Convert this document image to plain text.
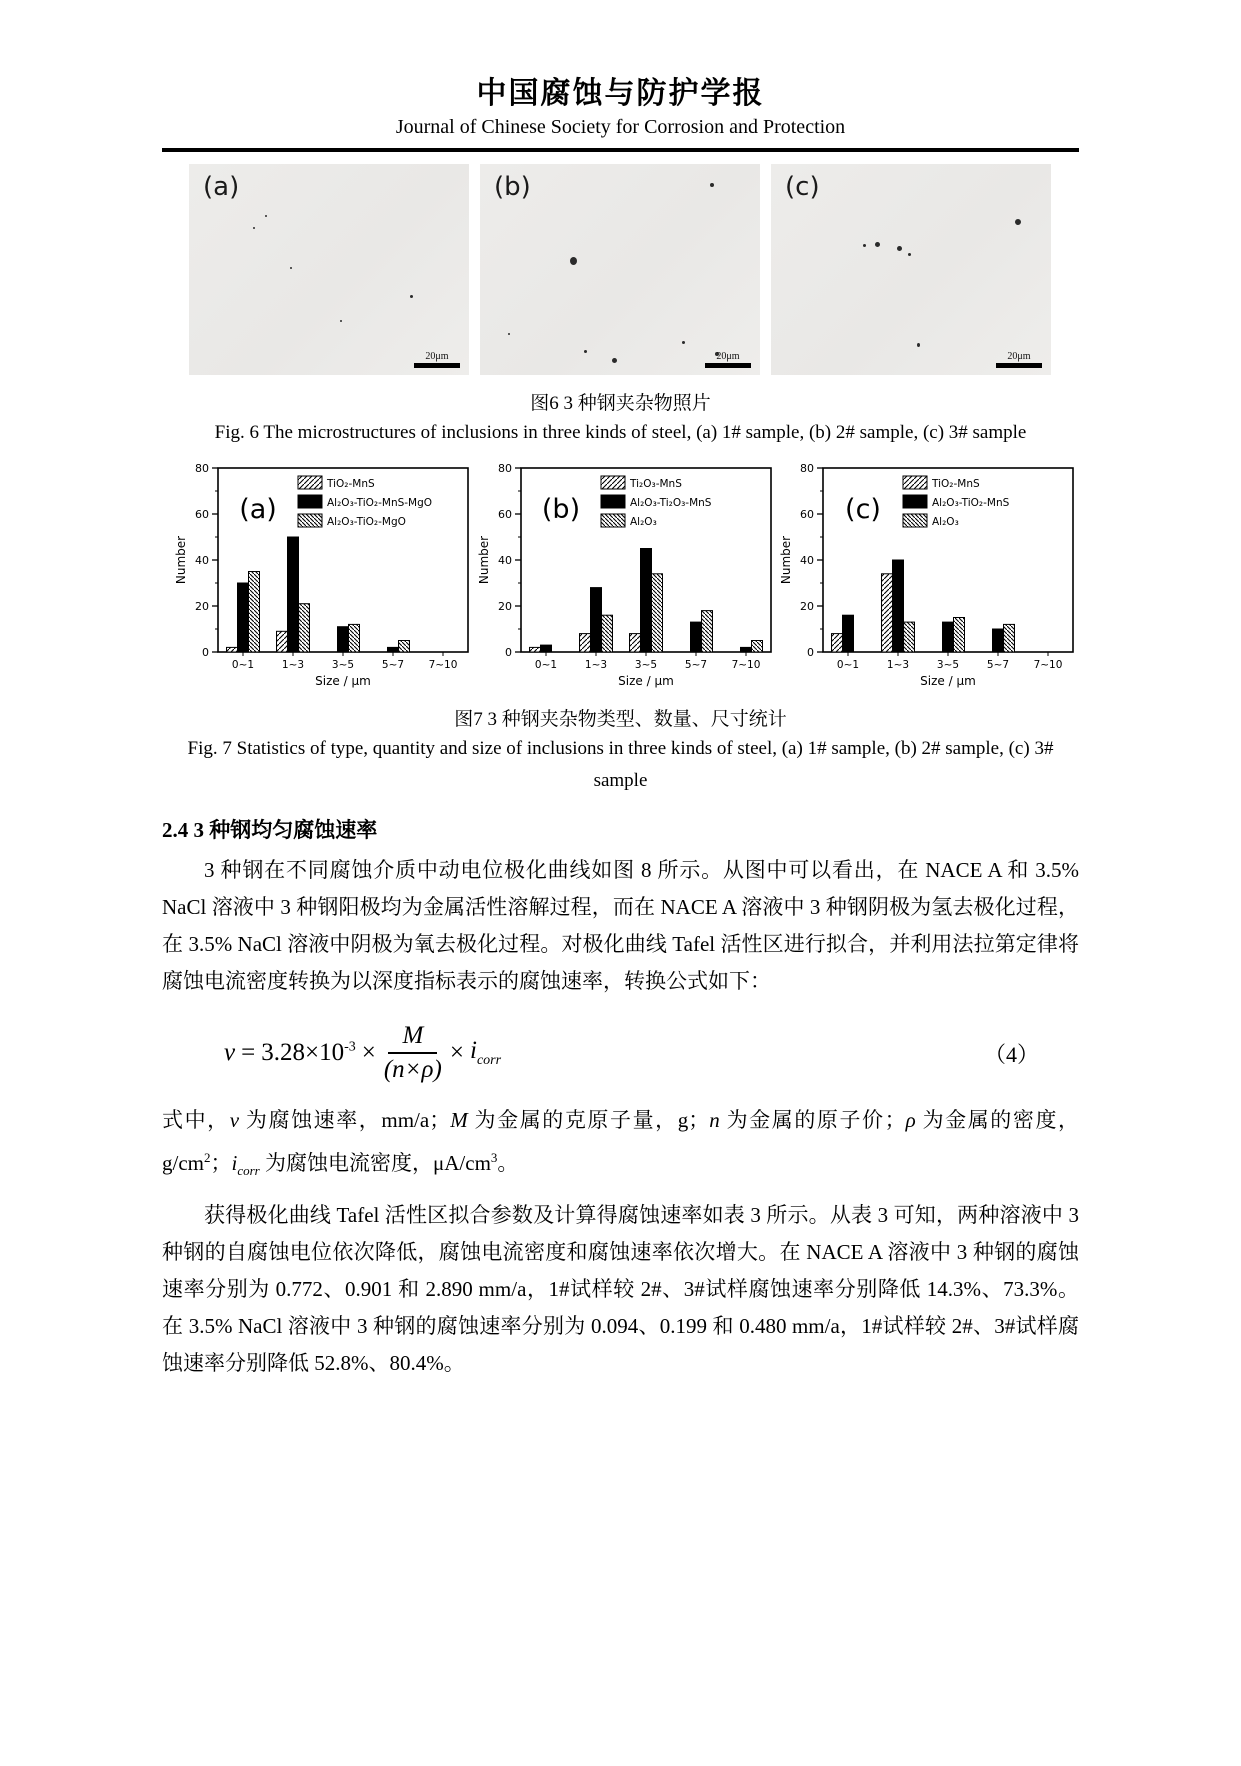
中国腐蚀与防护学报
Journal of Chinese Society for Corrosion and Protection
(a)
20μm
(b)
20μm
(c)
20μm
图6 3 种钢夹杂物照片
Fig. 6 The microstructures of inclusions in three kinds of steel, (a) 1# sample, (b) 2# sample, (c) 3# sample
0
20
40
60
80
Number
0~1	1~3	3~5	5~7 7~10
Size / μm
(a)
TiO₂-MnS
Al₂O₃-TiO₂-MnS-MgO
Al₂O₃-TiO₂-MgO
0
20
40
60
80
Number
0~1	1~3	3~5	5~7 7~10
Size / μm
(b)
Ti₂O₃-MnS
Al₂O₃-Ti₂O₃-MnS
Al₂O₃
0
20
40
60
80
Number
0~1	1~3	3~5	5~7 7~10
Size / μm
(c)
TiO₂-MnS
Al₂O₃-TiO₂-MnS
Al₂O₃
图7 3 种钢夹杂物类型、数量、尺寸统计
Fig. 7 Statistics of type, quantity and size of inclusions in three kinds of steel, (a) 1# sample, (b) 2# sample, (c) 3#
sample
2.4 3 种钢均匀腐蚀速率

3 种钢在不同腐蚀介质中动电位极化曲线如图 8 所示。从图中可以看出，在 NACE A 和 3.5% NaCl 溶液中 3 种钢阳极均为金属活性溶解过程，而在 NACE A 溶液中 3 种钢阴极为氢去极化过程，在 3.5% NaCl 溶液中阴极为氧去极化过程。对极化曲线 Tafel 活性区进行拟合，并利用法拉第定律将腐蚀电流密度转换为以深度指标表示的腐蚀速率，转换公式如下：

$v = 3.28\times 10^{-3} \times \frac{M}{(n\times\rho)} \times i_{corr}$	（4）

式中，v 为腐蚀速率，mm/a；M 为金属的克原子量，g；n 为金属的原子价；ρ 为金属的密度，$g/cm^2$；$i_{corr}$ 为腐蚀电流密度，$\mu A/cm^3$。

获得极化曲线 Tafel 活性区拟合参数及计算得腐蚀速率如表 3 所示。从表 3 可知，两种溶液中 3 种钢的自腐蚀电位依次降低，腐蚀电流密度和腐蚀速率依次增大。在 NACE A 溶液中 3 种钢的腐蚀速率分别为 0.772、0.901 和 2.890 mm/a，1#试样较 2#、3#试样腐蚀速率分别降低 14.3%、73.3%。在 3.5% NaCl 溶液中 3 种钢的腐蚀速率分别为 0.094、0.199 和 0.480 mm/a，1#试样较 2#、3#试样腐蚀速率分别降低 52.8%、80.4%。
